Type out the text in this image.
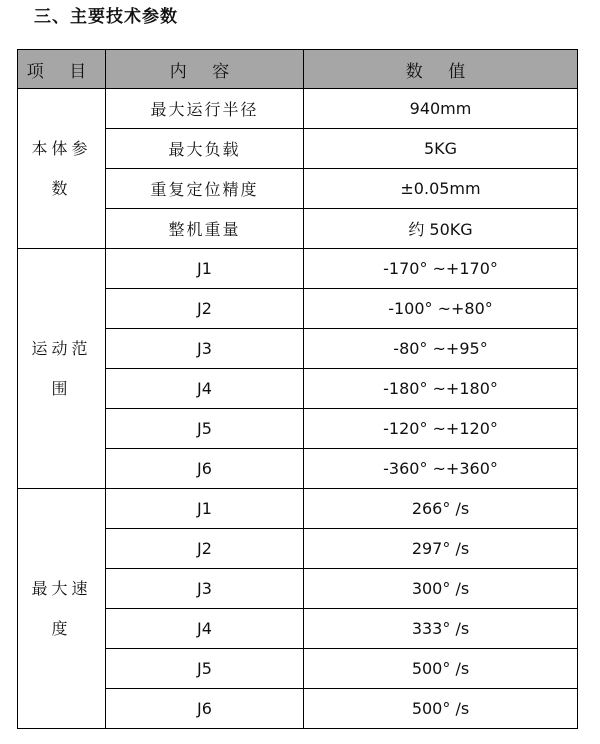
三、主要技术参数
项 目	内 容	数 值

本体参数	最大运行半径	940mm
	最大负载	5KG
	重复定位精度	±0.05mm
	整机重量	约 50KG

运动范围	J1	-170° ~+170°
	J2	-100° ~+80°
	J3	-80° ~+95°
	J4	-180° ~+180°
	J5	-120° ~+120°
	J6	-360° ~+360°

最大速度	J1	266° /s
	J2	297° /s
	J3	300° /s
	J4	333° /s
	J5	500° /s
	J6	500° /s
